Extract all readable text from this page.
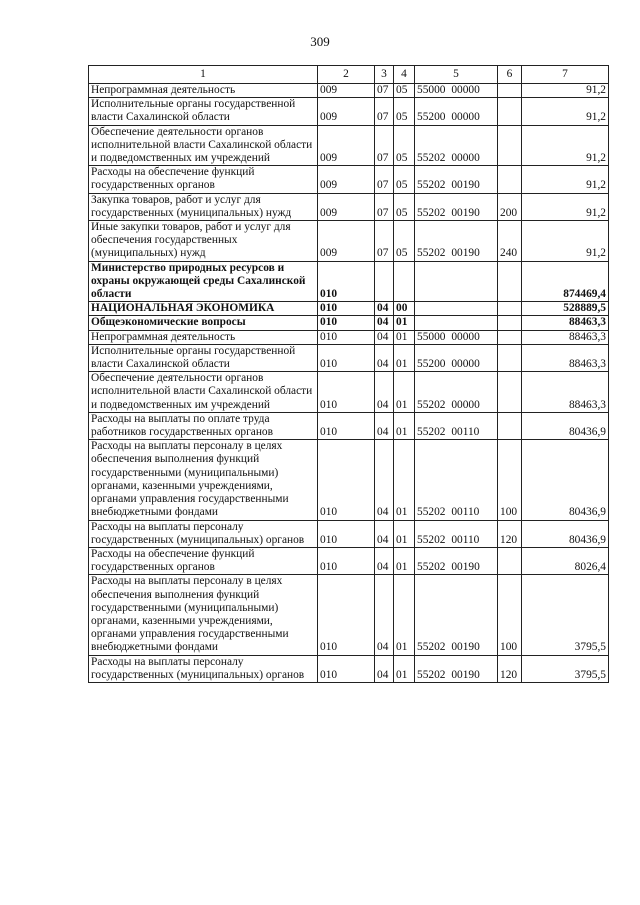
309
1	2	3	4	5	6	7
Непрограммная деятельность	009	07	05	55000 00000		91,2
Исполнительные органы государственной власти Сахалинской области	009	07	05	55200 00000		91,2
Обеспечение деятельности органов исполнительной власти Сахалинской области и подведомственных им учреждений	009	07	05	55202 00000		91,2
Расходы на обеспечение функций государственных органов	009	07	05	55202 00190		91,2
Закупка товаров, работ и услуг для государственных (муниципальных) нужд	009	07	05	55202 00190	200	91,2
Иные закупки товаров, работ и услуг для обеспечения государственных (муниципальных) нужд	009	07	05	55202 00190	240	91,2
Министерство природных ресурсов и охраны окружающей среды Сахалинской области	010					874469,4
НАЦИОНАЛЬНАЯ ЭКОНОМИКА	010	04	00			528889,5
Общеэкономические вопросы	010	04	01			88463,3
Непрограммная деятельность	010	04	01	55000 00000		88463,3
Исполнительные органы государственной власти Сахалинской области	010	04	01	55200 00000		88463,3
Обеспечение деятельности органов исполнительной власти Сахалинской области и подведомственных им учреждений	010	04	01	55202 00000		88463,3
Расходы на выплаты по оплате труда работников государственных органов	010	04	01	55202 00110		80436,9
Расходы на выплаты персоналу в целях обеспечения выполнения функций государственными (муниципальными) органами, казенными учреждениями, органами управления государственными внебюджетными фондами	010	04	01	55202 00110	100	80436,9
Расходы на выплаты персоналу государственных (муниципальных) органов	010	04	01	55202 00110	120	80436,9
Расходы на обеспечение функций государственных органов	010	04	01	55202 00190		8026,4
Расходы на выплаты персоналу в целях обеспечения выполнения функций государственными (муниципальными) органами, казенными учреждениями, органами управления государственными внебюджетными фондами	010	04	01	55202 00190	100	3795,5
Расходы на выплаты персоналу государственных (муниципальных) органов	010	04	01	55202 00190	120	3795,5
